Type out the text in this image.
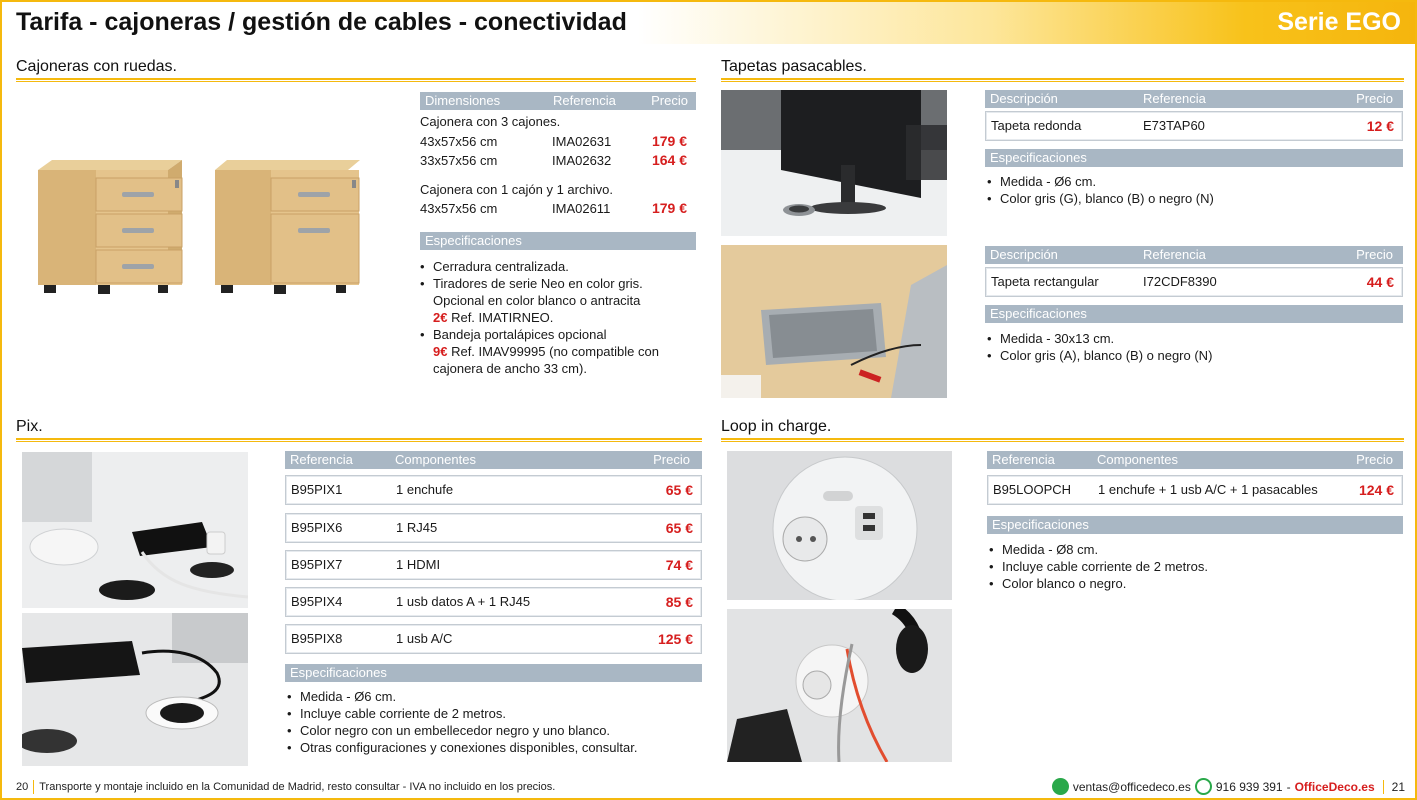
Tarifa - cajoneras / gestión de cables - conectividad	Serie EGO
Cajoneras con ruedas.
Dimensiones	Referencia	Precio
Cajonera con 3 cajones.
43x57x56 cm	IMA02631	179 €
33x57x56 cm	IMA02632	164 €
Cajonera con 1 cajón y 1 archivo.
43x57x56 cm	IMA02611	179 €
Especificaciones
• Cerradura centralizada.
• Tiradores de serie Neo en color gris.
Opcional en color blanco o antracita
2€ Ref. IMATIRNEO.
• Bandeja portalápices opcional
9€ Ref. IMAV99995 (no compatible con
cajonera de ancho 33 cm).
Tapetas pasacables.
Descripción	Referencia	Precio
Tapeta redonda	E73TAP60	12 €
Especificaciones
• Medida - Ø6 cm.
• Color gris (G), blanco (B) o negro (N)
Descripción	Referencia	Precio
Tapeta rectangular	I72CDF8390	44 €
Especificaciones
• Medida - 30x13 cm.
• Color gris (A), blanco (B) o negro (N)
Pix.
Referencia	Componentes	Precio
B95PIX1	1 enchufe	65 €
B95PIX6	1 RJ45	65 €
B95PIX7	1 HDMI	74 €
B95PIX4	1 usb datos A + 1 RJ45	85 €
B95PIX8	1 usb A/C	125 €
Especificaciones
• Medida - Ø6 cm.
• Incluye cable corriente de 2 metros.
• Color negro con un embellecedor negro y uno blanco.
• Otras configuraciones y conexiones disponibles, consultar.
Loop in charge.
Referencia	Componentes	Precio
B95LOOPCH 1 enchufe + 1 usb A/C + 1 pasacables	124 €
Especificaciones
• Medida - Ø8 cm.
• Incluye cable corriente de 2 metros.
• Color blanco o negro.
20 Transporte y montaje incluido en la Comunidad de Madrid, resto consultar - IVA no incluido en los precios.	ventas@officedeco.es 916 939 391 - OfficeDeco.es 21
